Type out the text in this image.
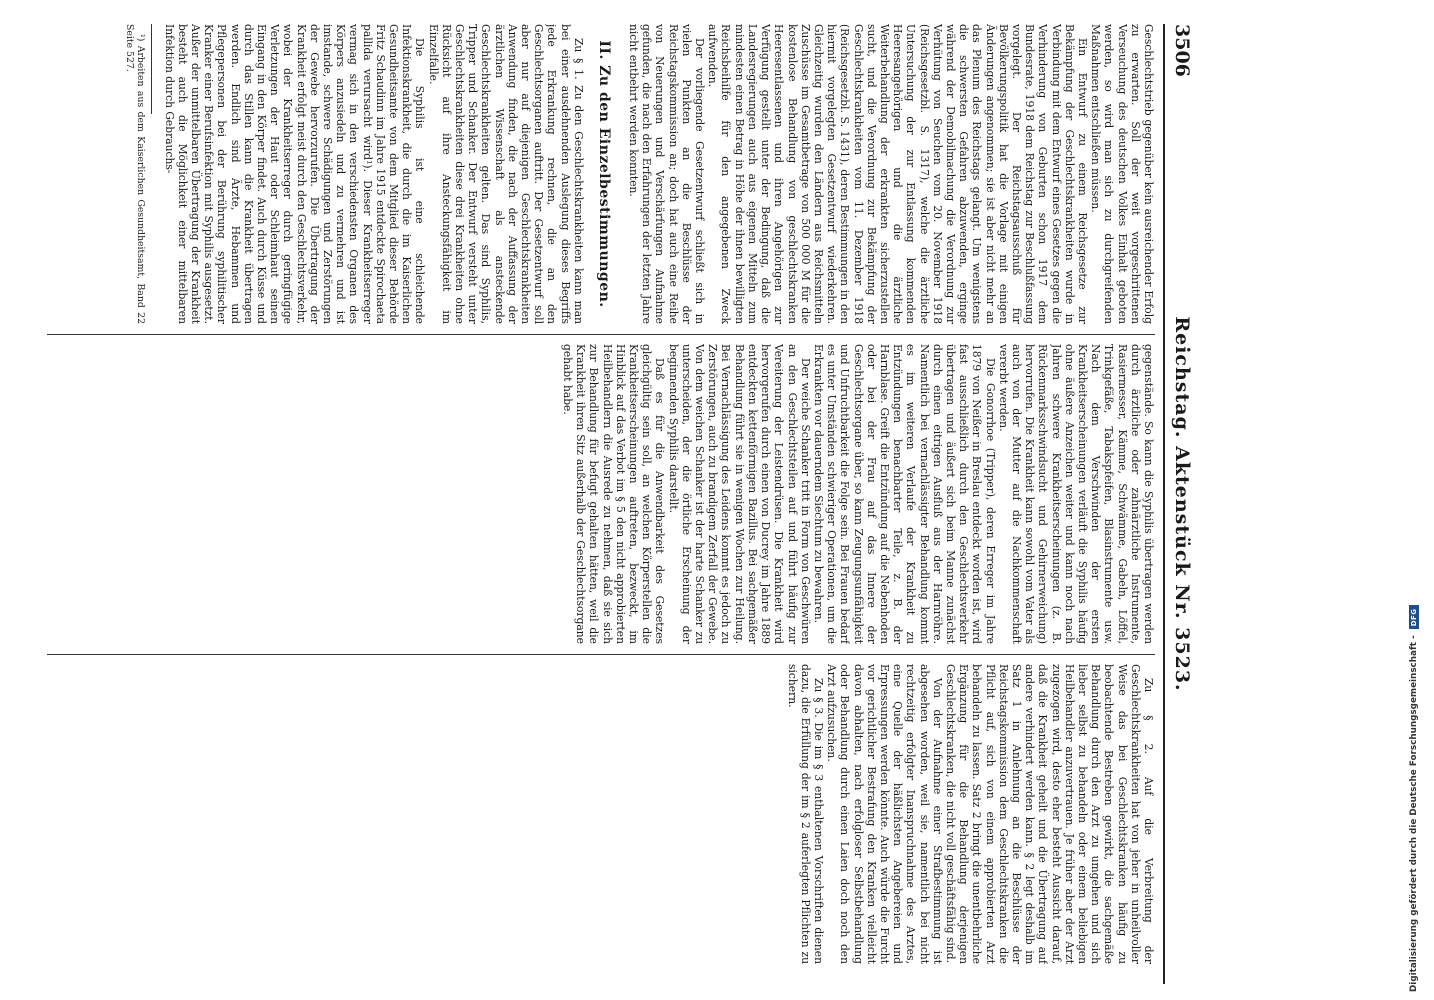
3506
Reichstag. Aktenstück Nr. 3523.

Geschlechtstrieb gegenüber kein ausreichender Erfolg zu erwarten. Soll der weit vorgeschrittenen Verseuchung des deutschen Volkes Einhalt geboten werden, so wird man sich zu durchgreifenden Maßnahmen entschließen müssen.

Ein Entwurf zu einem Reichsgesetze zur Bekämpfung der Geschlechtskrankheiten wurde in Verbindung mit dem Entwurf eines Gesetzes gegen die Verhinderung von Geburten schon 1917 dem Bundesrate, 1918 dem Reichstag zur Beschlußfassung vorgelegt. Der Reichstagsausschuß für Bevölkerungspolitik hat die Vorlage mit einigen Änderungen angenommen; sie ist aber nicht mehr an das Plenum des Reichstags gelangt. Um wenigstens die schwersten Gefahren abzuwenden, erginge während der Demobilmachung die Verordnung zur Verhütung von Seuchen vom 20. November 1918 (Reichsgesetzbl. S. 1317), welche die ärztliche Untersuchung der zur Entlassung kommenden Heeresangehörigen und die ärztliche Weiterbehandlung der erkrankten sicherzustellen sucht, und die Verordnung zur Bekämpfung der Geschlechtskrankheiten vom 11. Dezember 1918 (Reichsgesetzbl. S. 1431), deren Bestimmungen in den hiermit vorgelegten Gesetzentwurf wiederkehren. Gleichzeitig wurden den Ländern aus Reichsmitteln Zuschüsse im Gesamtbetrage von 500 000 M für die kostenlose Behandlung von geschlechtskranken Heeresentlassenen und ihren Angehörigen zur Verfügung gestellt unter der Bedingung, daß die Landesregierungen auch aus eigenen Mitteln zum mindesten einen Betrag in Höhe der ihnen bewilligten Reichsbeihilfe für den angegebenen Zweck aufwenden.

Der vorliegende Gesetzentwurf schließt sich in vielen Punkten an die Beschlüsse der Reichstagskommission an; doch hat auch eine Reihe von Neuerungen und Verschärfungen Aufnahme gefunden, die nach den Erfahrungen der letzten Jahre nicht entbehrt werden konnten.

II. Zu den Einzelbestimmungen.

Zu § 1. Zu den Geschlechtskrankheiten kann man bei einer ausdehnenden Auslegung dieses Begriffs jede Erkrankung rechnen, die an den Geschlechtsorganen auftritt. Der Gesetzentwurf soll aber nur auf diejenigen Geschlechtskrankheiten Anwendung finden, die nach der Auffassung der ärztlichen Wissenschaft als ansteckende Geschlechtskrankheiten gelten. Das sind Syphilis, Tripper und Schanker. Der Entwurf versteht unter Geschlechtskrankheiten diese drei Krankheiten ohne Rücksicht auf ihre Ansteckungsfähigkeit im Einzelfalle.

Die Syphilis ist eine schleichende Infektionskrankheit, die durch die im Kaiserlichen Gesundheitsamte von dem Mitglied dieser Behörde Fritz Schaudinn im Jahre 1915 entdeckte Spirochaeta pallida verursacht wird¹). Dieser Krankheitserreger vermag sich in den verschiedensten Organen des Körpers anzusiedeln und zu vermehren und ist imstande, schwere Schädigungen und Zerstörungen der Gewebe hervorzurufen. Die Übertragung der Krankheit erfolgt meist durch den Geschlechtsverkehr, wobei der Krankheitserreger durch geringfügige Verletzungen der Haut oder Schleimhaut seinen Eingang in den Körper findet. Auch durch Küsse und durch das Stillen kann die Krankheit übertragen werden. Endlich sind Ärzte, Hebammen und Pflegepersonen bei der Berührung syphilitischer Kranker einer Berufsinfektion mit Syphilis ausgesetzt. Außer der unmittelbaren Übertragung der Krankheit besteht auch die Möglichkeit einer mittelbaren Infektion durch Gebrauchs-

¹) Arbeiten aus dem Kaiserlichen Gesundheitsamt, Band 22 Seite 527.

gegenstände. So kann die Syphilis übertragen werden durch ärztliche oder zahnärztliche Instrumente, Rasiermesser, Kämme, Schwämme, Gabeln, Löffel, Trinkgefäße, Tabakspfeifen, Blasinstrumente usw. Nach dem Verschwinden der ersten Krankheitserscheinungen verläuft die Syphilis häufig ohne äußere Anzeichen weiter und kann noch nach Jahren schwere Krankheitserscheinungen (z. B. Rückenmarksschwindsucht und Gehirnerweichung) hervorrufen. Die Krankheit kann sowohl vom Vater als auch von der Mutter auf die Nachkommenschaft vererbt werden.

Die Gonorrhoe (Tripper), deren Erreger im Jahre 1879 von Neißer in Breslau entdeckt worden ist, wird fast ausschließlich durch den Geschlechtsverkehr übertragen und äußert sich beim Manne zunächst durch einen eitrigen Ausfluß aus der Harnröhre. Namentlich bei vernachlässigter Behandlung kommt es im weiteren Verlaufe der Krankheit zu Entzündungen benachbarter Teile, z. B. der Harnblase. Greift die Entzündung auf die Nebenhoden oder bei der Frau auf das Innere der Geschlechtsorgane über, so kann Zeugungsunfähigkeit und Unfruchtbarkeit die Folge sein. Bei Frauen bedarf es unter Umständen schwieriger Operationen, um die Erkrankten vor dauerndem Siechtum zu bewahren.

Der weiche Schanker tritt in Form von Geschwüren an den Geschlechtsteilen auf und führt häufig zur Vereiterung der Leistendrüsen. Die Krankheit wird hervorgerufen durch einen von Ducrey im Jahre 1889 entdeckten kettenförmigen Bazillus. Bei sachgemäßer Behandlung führt sie in wenigen Wochen zur Heilung. Bei Vernachlässigung des Leidens kommt es jedoch zu Zerstörungen, auch zu brandigem Zerfall der Gewebe. Von dem weichen Schanker ist der harte Schanker zu unterscheiden, der die örtliche Erscheinung der beginnenden Syphilis darstellt.

Daß es für die Anwendbarkeit des Gesetzes gleichgültig sein soll, an welchen Körperstellen die Krankheitserscheinungen auftreten, bezweckt, im Hinblick auf das Verbot im § 5 den nicht approbierten Heilbehandlern die Ausrede zu nehmen, daß sie sich zur Behandlung für befugt gehalten hätten, weil die Krankheit ihren Sitz außerhalb der Geschlechtsorgane gehabt habe.

Zu § 2. Auf die Verbreitung der Geschlechtskrankheiten hat von jeher in unheilvoller Weise das bei Geschlechtskranken häufig zu beobachtende Bestreben gewirkt, die sachgemäße Behandlung durch den Arzt zu umgehen und sich lieber selbst zu behandeln oder einem beliebigen Heilbehandler anzuvertrauen. Je früher aber der Arzt zugezogen wird, desto eher besteht Aussicht darauf, daß die Krankheit geheilt und die Übertragung auf andere verhindert werden kann. § 2 legt deshalb im Satz 1 in Anlehnung an die Beschlüsse der Reichstagskommission dem Geschlechtskranken die Pflicht auf, sich von einem approbierten Arzt behandeln zu lassen. Satz 2 bringt die unentbehrliche Ergänzung für die Behandlung derjenigen Geschlechtskranken, die nicht voll geschäftsfähig sind.

Von der Aufnahme einer Strafbestimmung ist abgesehen worden, weil sie, namentlich bei nicht rechtzeitig erfolgter Inanspruchnahme des Arztes, eine Quelle der häßlichsten Angebereien und Erpressungen werden könnte. Auch würde die Furcht vor gerichtlicher Bestrafung den Kranken vielleicht davon abhalten, nach erfolgloser Selbstbehandlung oder Behandlung durch einen Laien doch noch den Arzt aufzusuchen.

Zu § 3. Die im § 3 enthaltenen Vorschriften dienen dazu, die Erfüllung der im § 2 auferlegten Pflichten zu sichern.	Digitalisierung gefördert durch die Deutsche Forschungsgemeinschaft -DFG
